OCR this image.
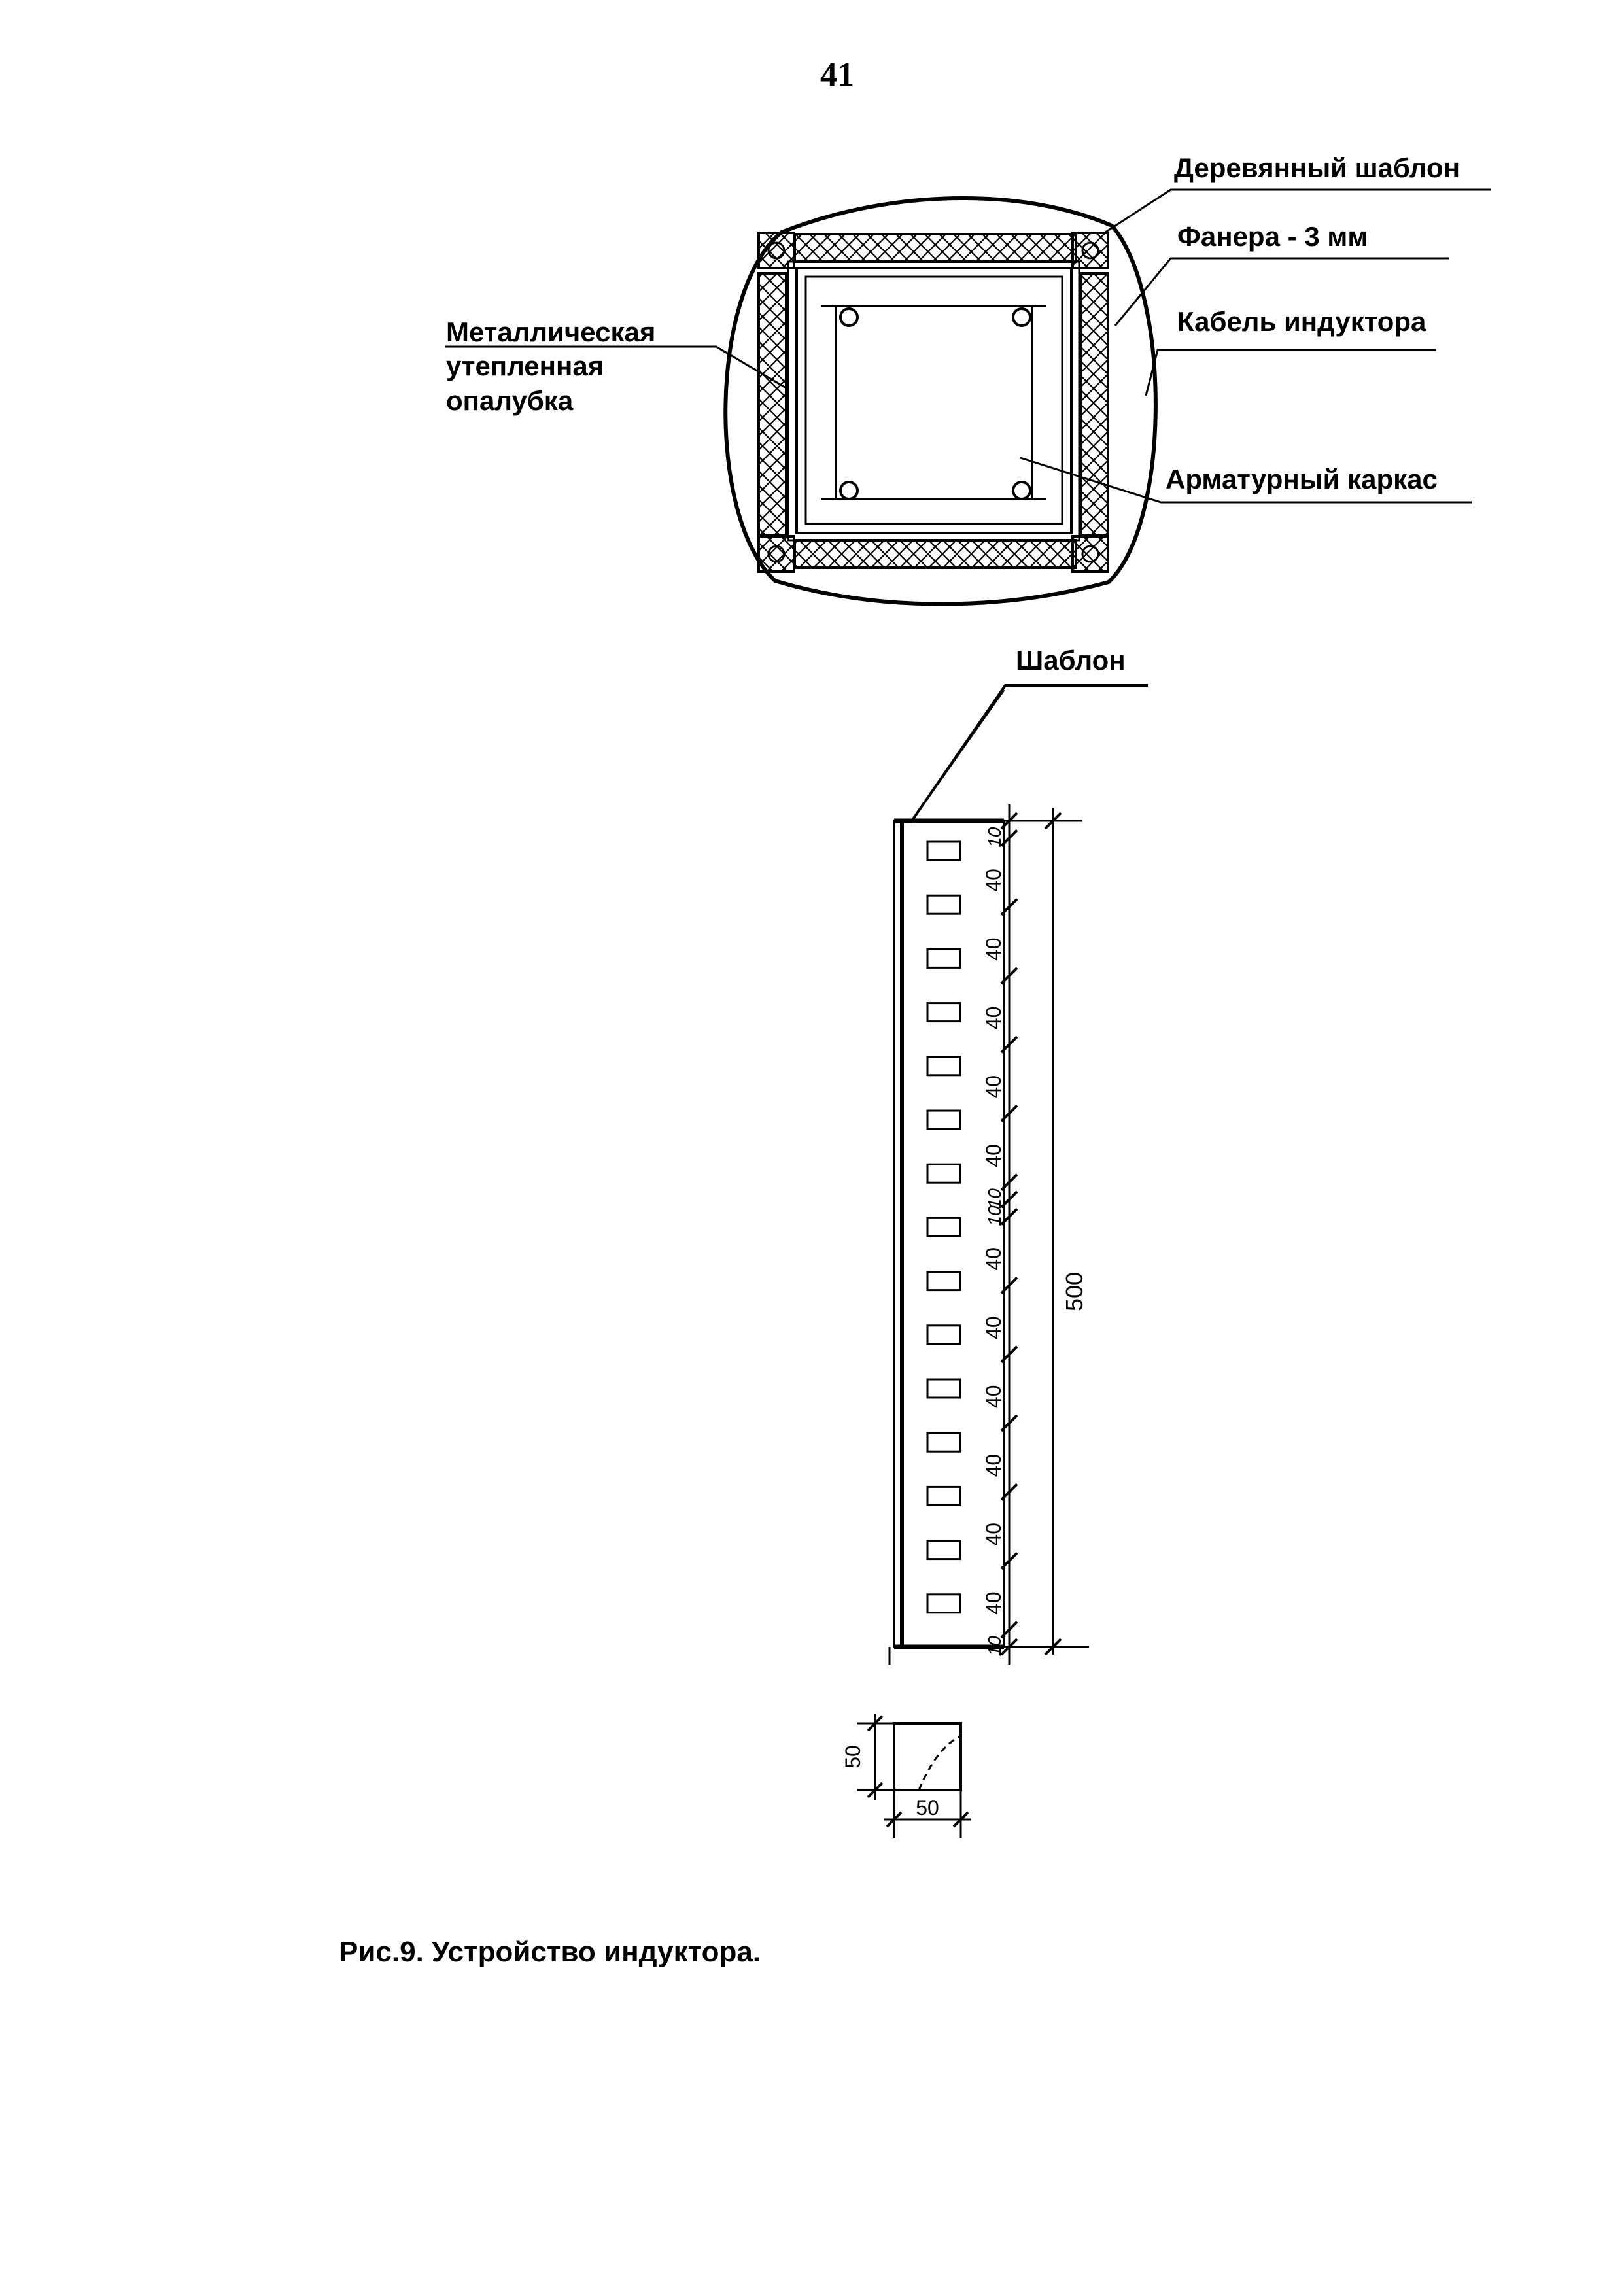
41
10
40
40
40
40
40
10
10
40
40
40
40
40
40
10
500
50
50
Деревянный шаблон
Фанера - 3 мм
Кабель индуктора
Арматурный каркас
Металлическая
утепленная
опалубка
Шаблон
Рис.9. Устройство индуктора.
